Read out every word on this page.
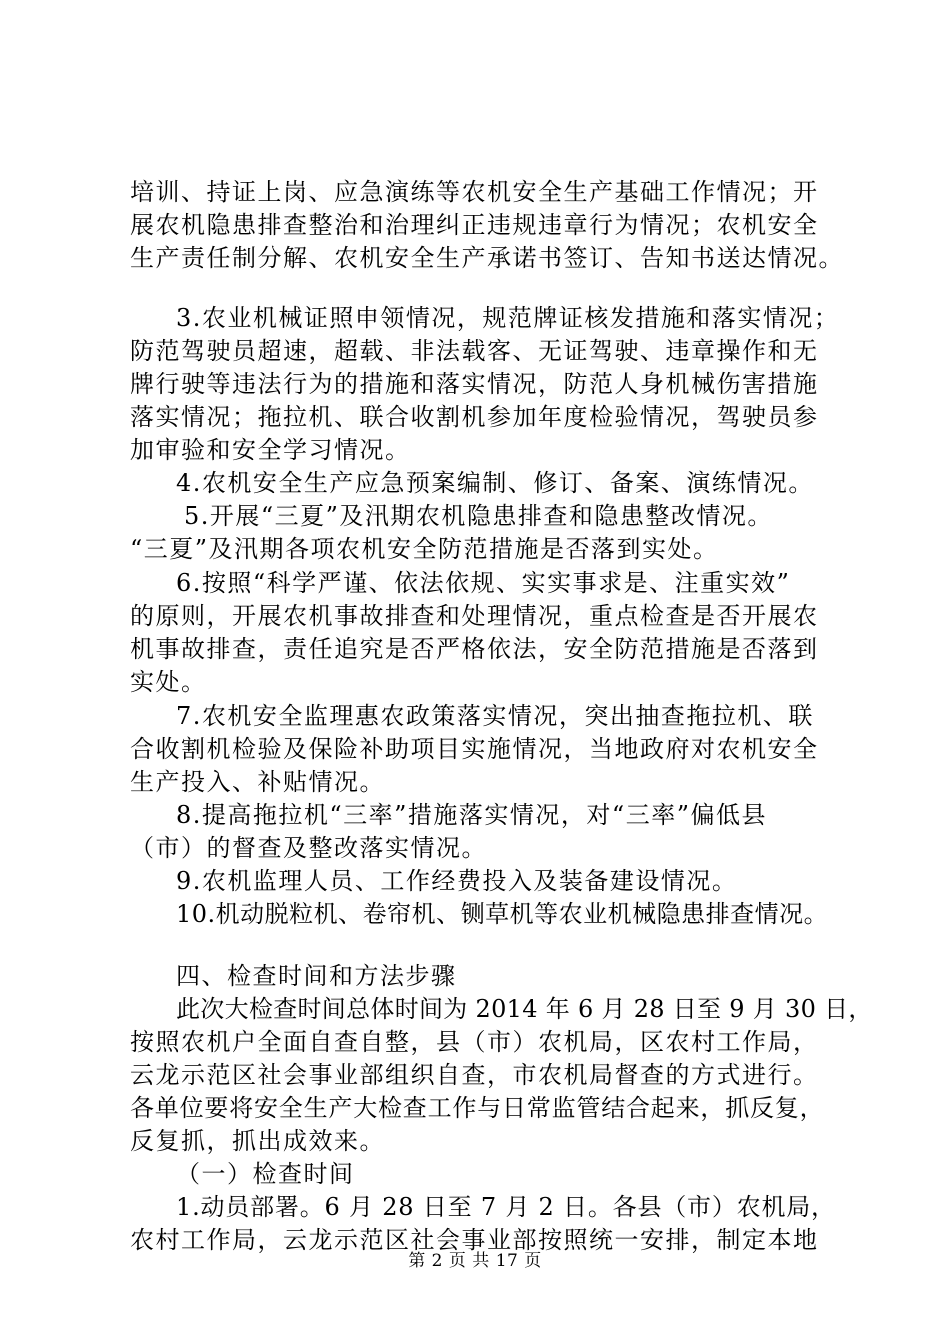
培训、持证上岗、应急演练等农机安全生产基础工作情况；开
展农机隐患排查整治和治理纠正违规违章行为情况；农机安全
生产责任制分解、农机安全生产承诺书签订、告知书送达情况。
3.农业机械证照申领情况，规范牌证核发措施和落实情况；
防范驾驶员超速，超载、非法载客、无证驾驶、违章操作和无
牌行驶等违法行为的措施和落实情况，防范人身机械伤害措施
落实情况；拖拉机、联合收割机参加年度检验情况，驾驶员参
加审验和安全学习情况。
4.农机安全生产应急预案编制、修订、备案、演练情况。
5.开展“三夏”及汛期农机隐患排查和隐患整改情况。
“三夏”及汛期各项农机安全防范措施是否落到实处。
6.按照“科学严谨、依法依规、实实事求是、注重实效”
的原则，开展农机事故排查和处理情况，重点检查是否开展农
机事故排查，责任追究是否严格依法，安全防范措施是否落到
实处。
7.农机安全监理惠农政策落实情况，突出抽查拖拉机、联
合收割机检验及保险补助项目实施情况，当地政府对农机安全
生产投入、补贴情况。
8.提高拖拉机“三率”措施落实情况，对“三率”偏低县
（市）的督查及整改落实情况。
9.农机监理人员、工作经费投入及装备建设情况。
10.机动脱粒机、卷帘机、铡草机等农业机械隐患排查情况。
四、检查时间和方法步骤
此次大检查时间总体时间为 2014 年 6 月 28 日至 9 月 30 日，
按照农机户全面自查自整，县（市）农机局，区农村工作局，
云龙示范区社会事业部组织自查，市农机局督查的方式进行。
各单位要将安全生产大检查工作与日常监管结合起来，抓反复，
反复抓，抓出成效来。
（一）检查时间
1.动员部署。6 月 28 日至 7 月 2 日。各县（市）农机局，
农村工作局，云龙示范区社会事业部按照统一安排，制定本地
第 2 页 共 17 页
